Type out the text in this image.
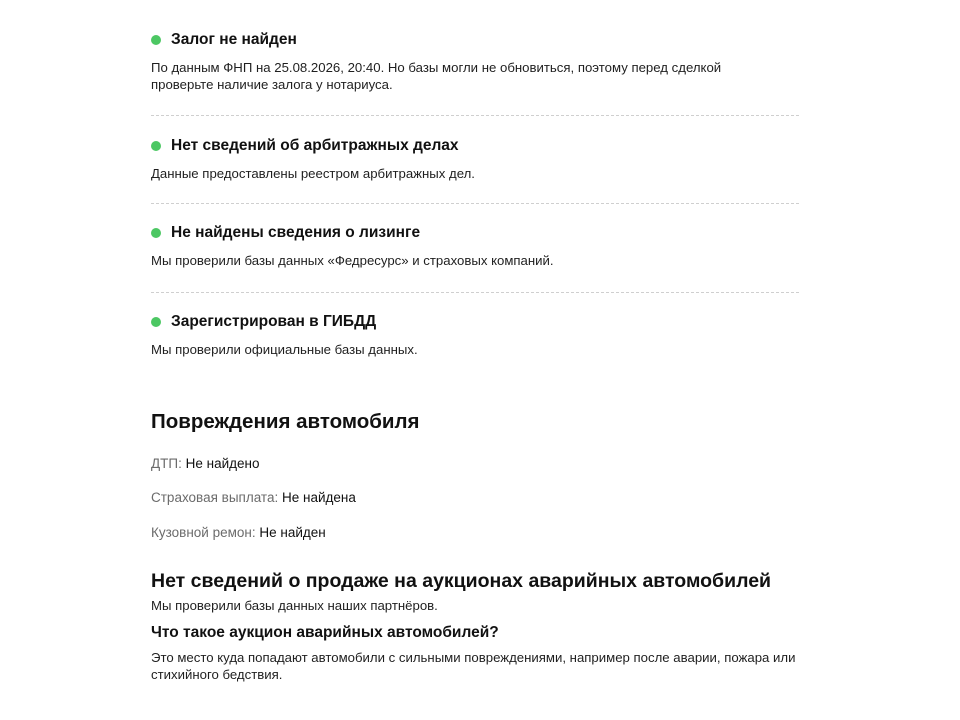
Залог не найден
По данным ФНП на 25.08.2026, 20:40. Но базы могли не обновиться, поэтому перед сделкой проверьте наличие залога у нотариуса.
Нет сведений об арбитражных делах
Данные предоставлены реестром арбитражных дел.
Не найдены сведения о лизинге
Мы проверили базы данных «Федресурс» и страховых компаний.
Зарегистрирован в ГИБДД
Мы проверили официальные базы данных.
Повреждения автомобиля
ДТП: Не найдено
Страховая выплата: Не найдена
Кузовной ремон: Не найден
Нет сведений о продаже на аукционах аварийных автомобилей
Мы проверили базы данных наших партнёров.
Что такое аукцион аварийных автомобилей?
Это место куда попадают автомобили с сильными повреждениями, например после аварии, пожара или стихийного бедствия.
